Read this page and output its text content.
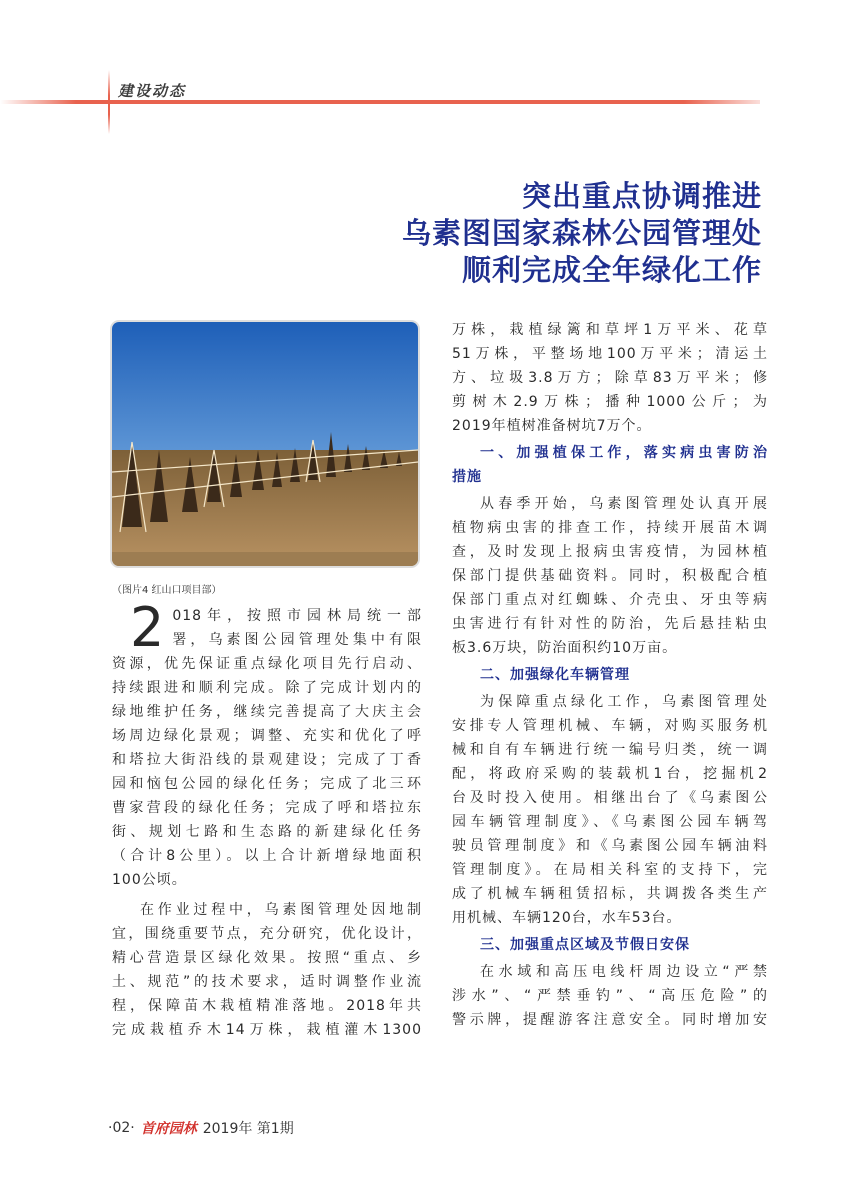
建设动态
突出重点协调推进
乌素图国家森林公园管理处
顺利完成全年绿化工作
（图片4 红山口项目部）
2 018年，按照市园林局统一部

署，乌素图公园管理处集中有限

资源，优先保证重点绿化项目先行启动、

持续跟进和顺利完成。除了完成计划内的

绿地维护任务，继续完善提高了大庆主会

场周边绿化景观；调整、充实和优化了呼

和塔拉大街沿线的景观建设；完成了丁香

园和恼包公园的绿化任务；完成了北三环

曹家营段的绿化任务；完成了呼和塔拉东

街、规划七路和生态路的新建绿化任务

（合计8公里）。以上合计新增绿地面积

100公顷。

在作业过程中，乌素图管理处因地制

宜，围绕重要节点，充分研究，优化设计，

精心营造景区绿化效果。按照“重点、乡

土、规范”的技术要求，适时调整作业流

程，保障苗木栽植精准落地。2018年共

完成栽植乔木14万株，栽植灌木1300

万株，栽植绿篱和草坪1万平米、花草

51万株，平整场地100万平米；清运土

方、垃圾3.8万方；除草83万平米；修

剪树木2.9万株；播种1000公斤；为

2019年植树准备树坑7万个。

一、加强植保工作，落实病虫害防治

措施

从春季开始，乌素图管理处认真开展

植物病虫害的排查工作，持续开展苗木调

查，及时发现上报病虫害疫情，为园林植

保部门提供基础资料。同时，积极配合植

保部门重点对红蜘蛛、介壳虫、牙虫等病

虫害进行有针对性的防治，先后悬挂粘虫

板3.6万块，防治面积约10万亩。

二、加强绿化车辆管理

为保障重点绿化工作，乌素图管理处

安排专人管理机械、车辆，对购买服务机

械和自有车辆进行统一编号归类，统一调

配，将政府采购的装载机1台，挖掘机2

台及时投入使用。相继出台了《乌素图公

园车辆管理制度》、《乌素图公园车辆驾

驶员管理制度》和《乌素图公园车辆油料

管理制度》。在局相关科室的支持下，完

成了机械车辆租赁招标，共调拨各类生产

用机械、车辆120台，水车53台。

三、加强重点区域及节假日安保

在水域和高压电线杆周边设立“严禁

涉水”、“严禁垂钓”、“高压危险”的

警示牌，提醒游客注意安全。同时增加安

·02· 首府园林 2019年 第1期
